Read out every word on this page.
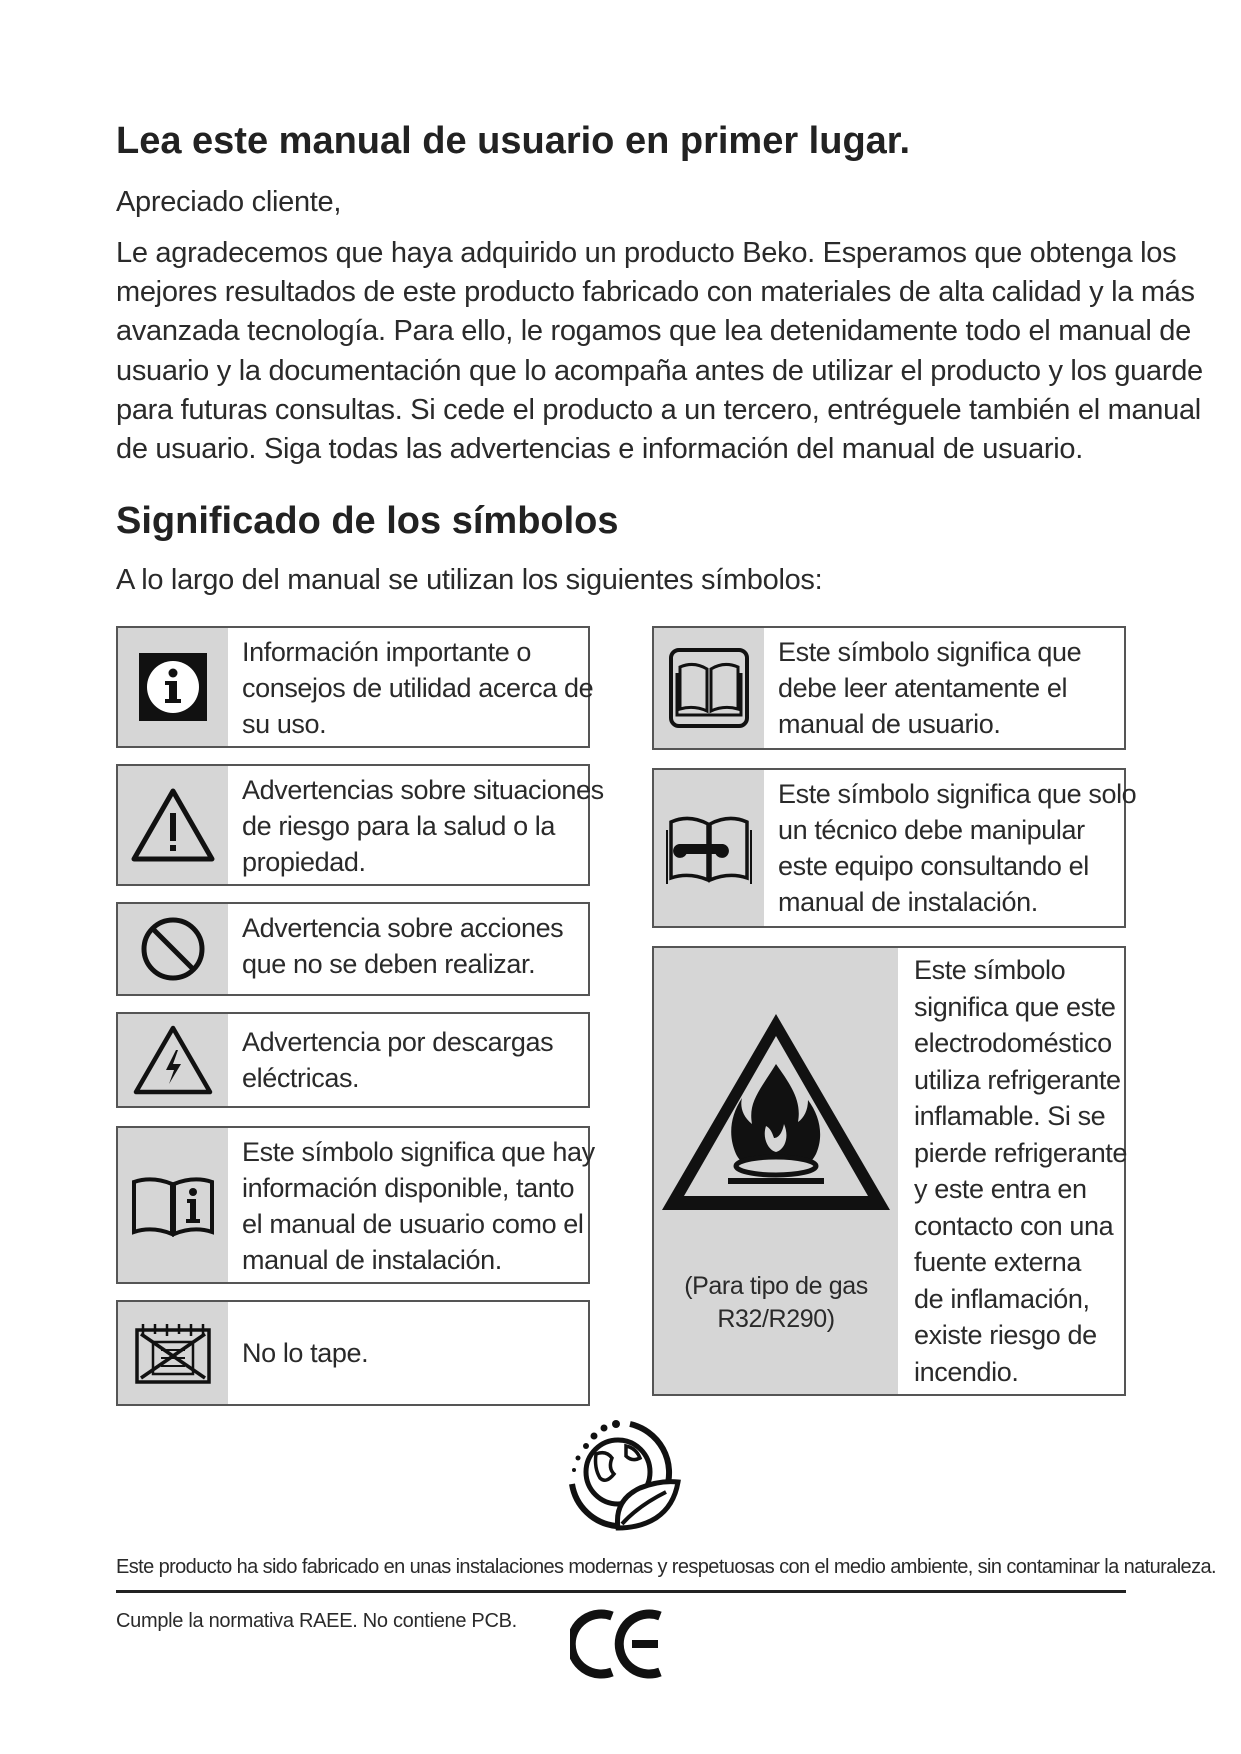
Lea este manual de usuario en primer lugar.
Apreciado cliente,
Le agradecemos que haya adquirido un producto Beko. Esperamos que obtenga los
mejores resultados de este producto fabricado con materiales de alta calidad y la más
avanzada tecnología. Para ello, le rogamos que lea detenidamente todo el manual de
usuario y la documentación que lo acompaña antes de utilizar el producto y los guarde
para futuras consultas. Si cede el producto a un tercero, entréguele también el manual
de usuario. Siga todas las advertencias e información del manual de usuario.
Significado de los símbolos
A lo largo del manual se utilizan los siguientes símbolos:
Información importante o
consejos de utilidad acerca de
su uso.
Advertencias sobre situaciones
de riesgo para la salud o la
propiedad.
Advertencia sobre acciones
que no se deben realizar.
Advertencia por descargas
eléctricas.
Este símbolo significa que hay
información disponible, tanto
el manual de usuario como el
manual de instalación.
No lo tape.
Este símbolo significa que
debe leer atentamente el
manual de usuario.
Este símbolo significa que solo
un técnico debe manipular
este equipo consultando el
manual de instalación.
(Para tipo de gas
R32/R290)
Este símbolo
significa que este
electrodoméstico
utiliza refrigerante
inflamable. Si se
pierde refrigerante
y este entra en
contacto con una
fuente externa
de inflamación,
existe riesgo de
incendio.
Este producto ha sido fabricado en unas instalaciones modernas y respetuosas con el medio ambiente, sin contaminar la naturaleza.
Cumple la normativa RAEE. No contiene PCB.
